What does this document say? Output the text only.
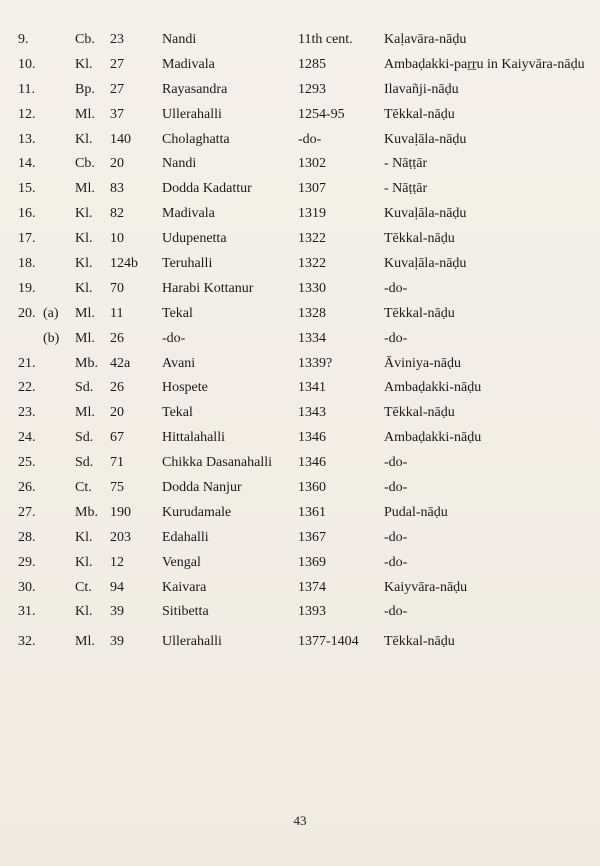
9.	Cb. 23	Nandi	11th cent. Kaḷavāra-nāḍu
10.	Kl. 27	Madivala	1285	Ambaḍakki-paṟṟu in Kaiyvāra-nāḍu
11.	Bp. 27	Rayasandra	1293	Ilavañji-nāḍu
12.	Ml. 37	Ullerahalli	1254-95	Tēkkal-nāḍu
13.	Kl. 140 Cholaghatta	-do-	Kuvaḷāla-nāḍu
14.	Cb. 20	Nandi	1302	- Nāṭṭār
15.	Ml. 83	Dodda Kadattur	1307	- Nāṭṭār
16.	Kl. 82	Madivala	1319	Kuvaḷāla-nāḍu
17.	Kl. 10	Udupenetta	1322	Tēkkal-nāḍu
18.	Kl. 124b Teruhalli	1322	Kuvaḷāla-nāḍu
19.	Kl. 70	Harabi Kottanur	1330	-do-
20. (a) Ml. 11	Tekal	1328	Tēkkal-nāḍu
(b) Ml. 26	-do-	1334	-do-
21.	Mb. 42a Avani	1339?	Āviniya-nāḍu
22.	Sd. 26	Hospete	1341	Ambaḍakki-nāḍu
23.	Ml. 20	Tekal	1343	Tēkkal-nāḍu
24.	Sd. 67	Hittalahalli	1346	Ambaḍakki-nāḍu
25.	Sd. 71	Chikka Dasanahalli 1346	-do-
26.	Ct. 75	Dodda Nanjur	1360	-do-
27.	Mb. 190 Kurudamale	1361	Pudal-nāḍu
28.	Kl. 203 Edahalli	1367	-do-
29.	Kl. 12	Vengal	1369	-do-
30.	Ct. 94	Kaivara	1374	Kaiyvāra-nāḍu
31.	Kl. 39	Sitibetta	1393	-do-
32.	Ml. 39	Ullerahalli	1377-1404 Tēkkal-nāḍu
43
